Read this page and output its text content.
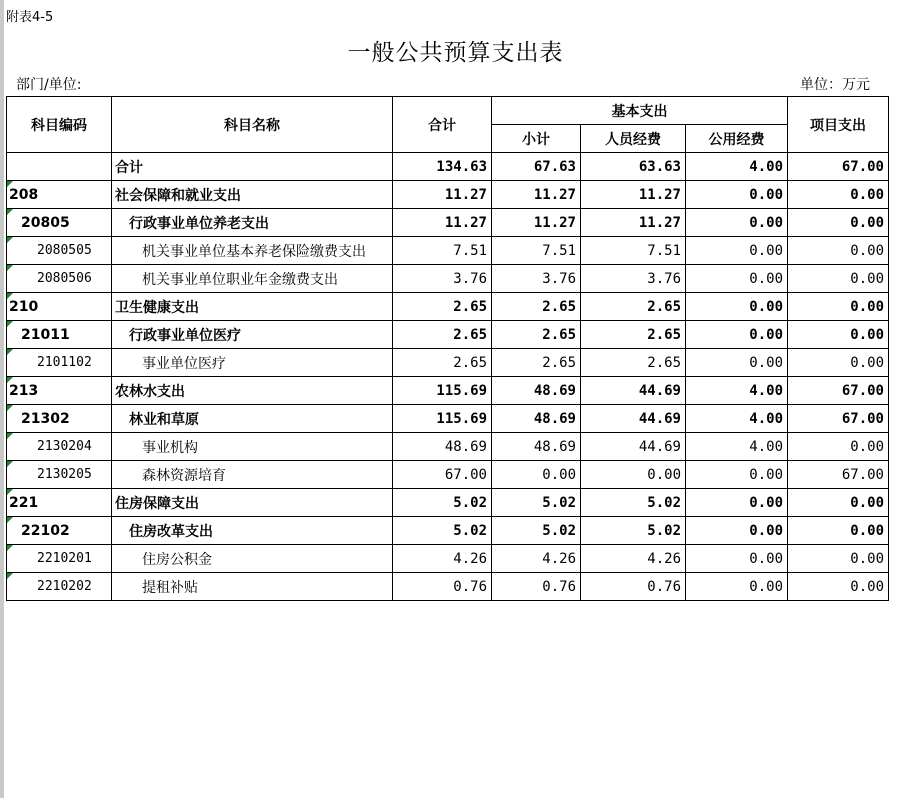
附表4-5
一般公共预算支出表
部门/单位:	单位：万元
科目编码	科目名称	合计	基本支出			项目支出
			小计	人员经费	公用经费	
	合计	134.63	67.63	63.63	4.00	67.00

208	社会保障和就业支出	11.27	11.27	11.27	0.00	0.00

20805	行政事业单位养老支出	11.27	11.27	11.27	0.00	0.00

2080505	机关事业单位基本养老保险缴费支出	7.51	7.51	7.51	0.00	0.00

2080506	机关事业单位职业年金缴费支出	3.76	3.76	3.76	0.00	0.00

210	卫生健康支出	2.65	2.65	2.65	0.00	0.00

21011	行政事业单位医疗	2.65	2.65	2.65	0.00	0.00

2101102	事业单位医疗	2.65	2.65	2.65	0.00	0.00

213	农林水支出	115.69	48.69	44.69	4.00	67.00

21302	林业和草原	115.69	48.69	44.69	4.00	67.00

2130204	事业机构	48.69	48.69	44.69	4.00	0.00

2130205	森林资源培育	67.00	0.00	0.00	0.00	67.00

221	住房保障支出	5.02	5.02	5.02	0.00	0.00

22102	住房改革支出	5.02	5.02	5.02	0.00	0.00

2210201	住房公积金	4.26	4.26	4.26	0.00	0.00

2210202	提租补贴	0.76	0.76	0.76	0.00	0.00
